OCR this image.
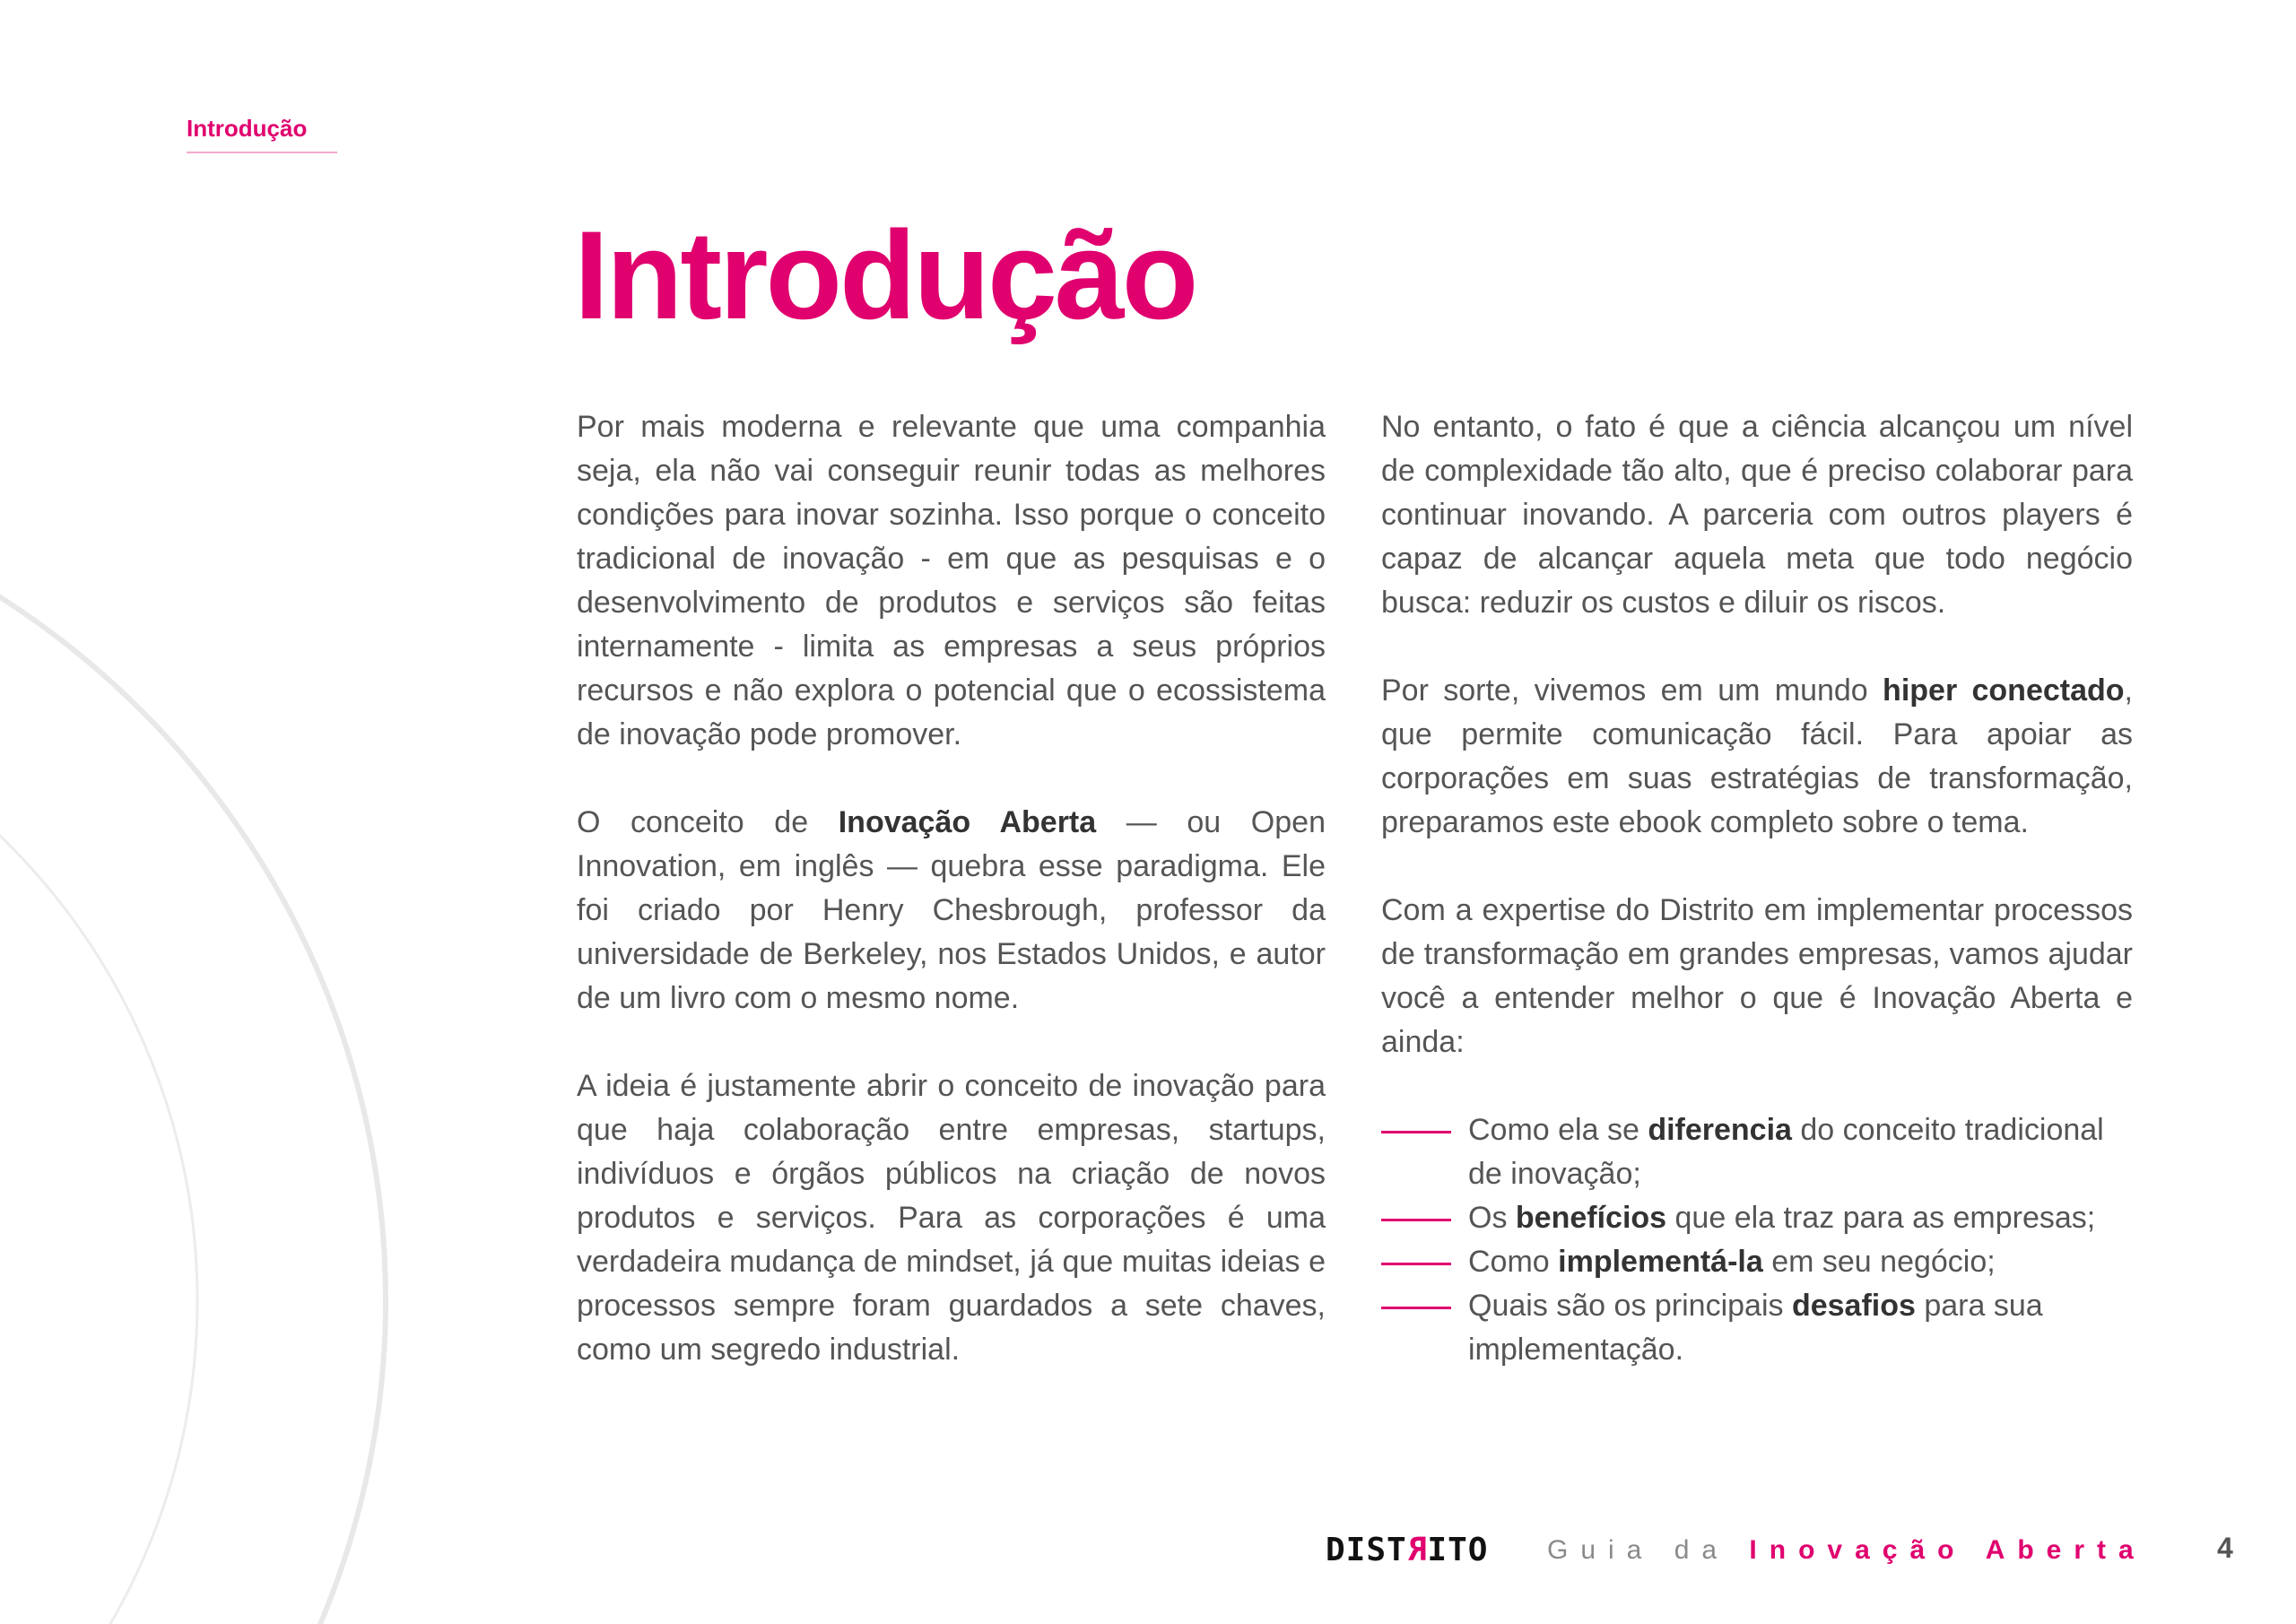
Introdução
Introdução

Por mais moderna e relevante que uma companhia seja, ela não vai conseguir reunir todas as melhores condições para inovar sozinha. Isso porque o conceito tradicional de inovação - em que as pesquisas e o desenvolvimento de produtos e serviços são feitas internamente - limita as empresas a seus próprios recursos e não explora o potencial que o ecossistema de inovação pode promover.

O conceito de Inovação Aberta — ou Open Innovation, em inglês — quebra esse paradigma. Ele foi criado por Henry Chesbrough, professor da universidade de Berkeley, nos Estados Unidos, e autor de um livro com o mesmo nome.

A ideia é justamente abrir o conceito de inovação para que haja colaboração entre empresas, startups, indivíduos e órgãos públicos na criação de novos produtos e serviços. Para as corporações é uma verdadeira mudança de mindset, já que muitas ideias e processos sempre foram guardados a sete chaves, como um segredo industrial.

No entanto, o fato é que a ciência alcançou um nível de complexidade tão alto, que é preciso colaborar para continuar inovando. A parceria com outros players é capaz de alcançar aquela meta que todo negócio busca: reduzir os custos e diluir os riscos.

Por sorte, vivemos em um mundo hiper conectado, que permite comunicação fácil. Para apoiar as corporações em suas estratégias de transformação, preparamos este ebook completo sobre o tema.

Com a expertise do Distrito em implementar processos de transformação em grandes empresas, vamos ajudar você a entender melhor o que é Inovação Aberta e ainda:

Como ela se diferencia do conceito tradicional de inovação;
Os benefícios que ela traz para as empresas;
Como implementá-la em seu negócio;
Quais são os principais desafios para sua implementação.
DISTRITO Guia da Inovação Aberta 4
